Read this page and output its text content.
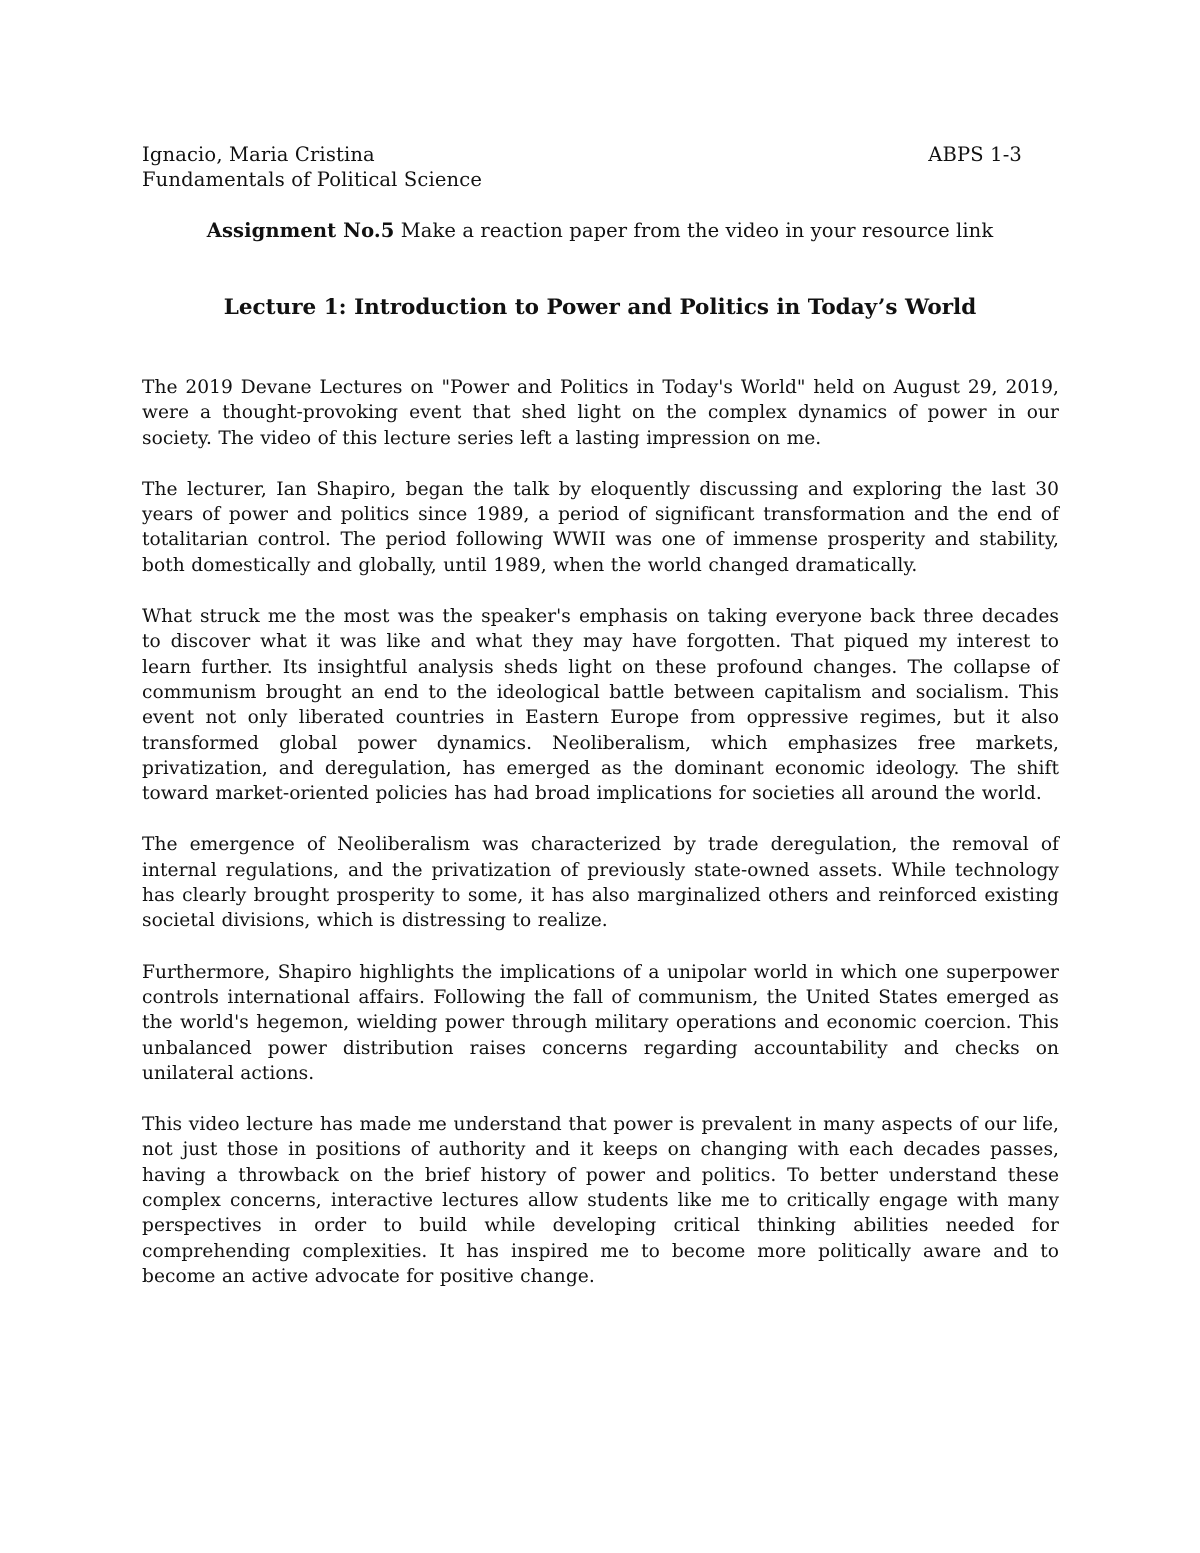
Ignacio, Maria Cristina	ABPS 1-3
Fundamentals of Political Science
Assignment No.5 Make a reaction paper from the video in your resource link
Lecture 1: Introduction to Power and Politics in Today’s World

The 2019 Devane Lectures on "Power and Politics in Today's World" held on August 29, 2019, were a thought-provoking event that shed light on the complex dynamics of power in our society. The video of this lecture series left a lasting impression on me.

The lecturer, Ian Shapiro, began the talk by eloquently discussing and exploring the last 30 years of power and politics since 1989, a period of significant transformation and the end of totalitarian control. The period following WWII was one of immense prosperity and stability, both domestically and globally, until 1989, when the world changed dramatically.

What struck me the most was the speaker's emphasis on taking everyone back three decades to discover what it was like and what they may have forgotten. That piqued my interest to learn further. Its insightful analysis sheds light on these profound changes. The collapse of communism brought an end to the ideological battle between capitalism and socialism. This event not only liberated countries in Eastern Europe from oppressive regimes, but it also transformed global power dynamics. Neoliberalism, which emphasizes free markets, privatization, and deregulation, has emerged as the dominant economic ideology. The shift toward market-oriented policies has had broad implications for societies all around the world.

The emergence of Neoliberalism was characterized by trade deregulation, the removal of internal regulations, and the privatization of previously state-owned assets. While technology has clearly brought prosperity to some, it has also marginalized others and reinforced existing societal divisions, which is distressing to realize.

Furthermore, Shapiro highlights the implications of a unipolar world in which one superpower controls international affairs. Following the fall of communism, the United States emerged as the world's hegemon, wielding power through military operations and economic coercion. This unbalanced power distribution raises concerns regarding accountability and checks on unilateral actions.

This video lecture has made me understand that power is prevalent in many aspects of our life, not just those in positions of authority and it keeps on changing with each decades passes, having a throwback on the brief history of power and politics. To better understand these complex concerns, interactive lectures allow students like me to critically engage with many perspectives in order to build while developing critical thinking abilities needed for comprehending complexities. It has inspired me to become more politically aware and to become an active advocate for positive change.
